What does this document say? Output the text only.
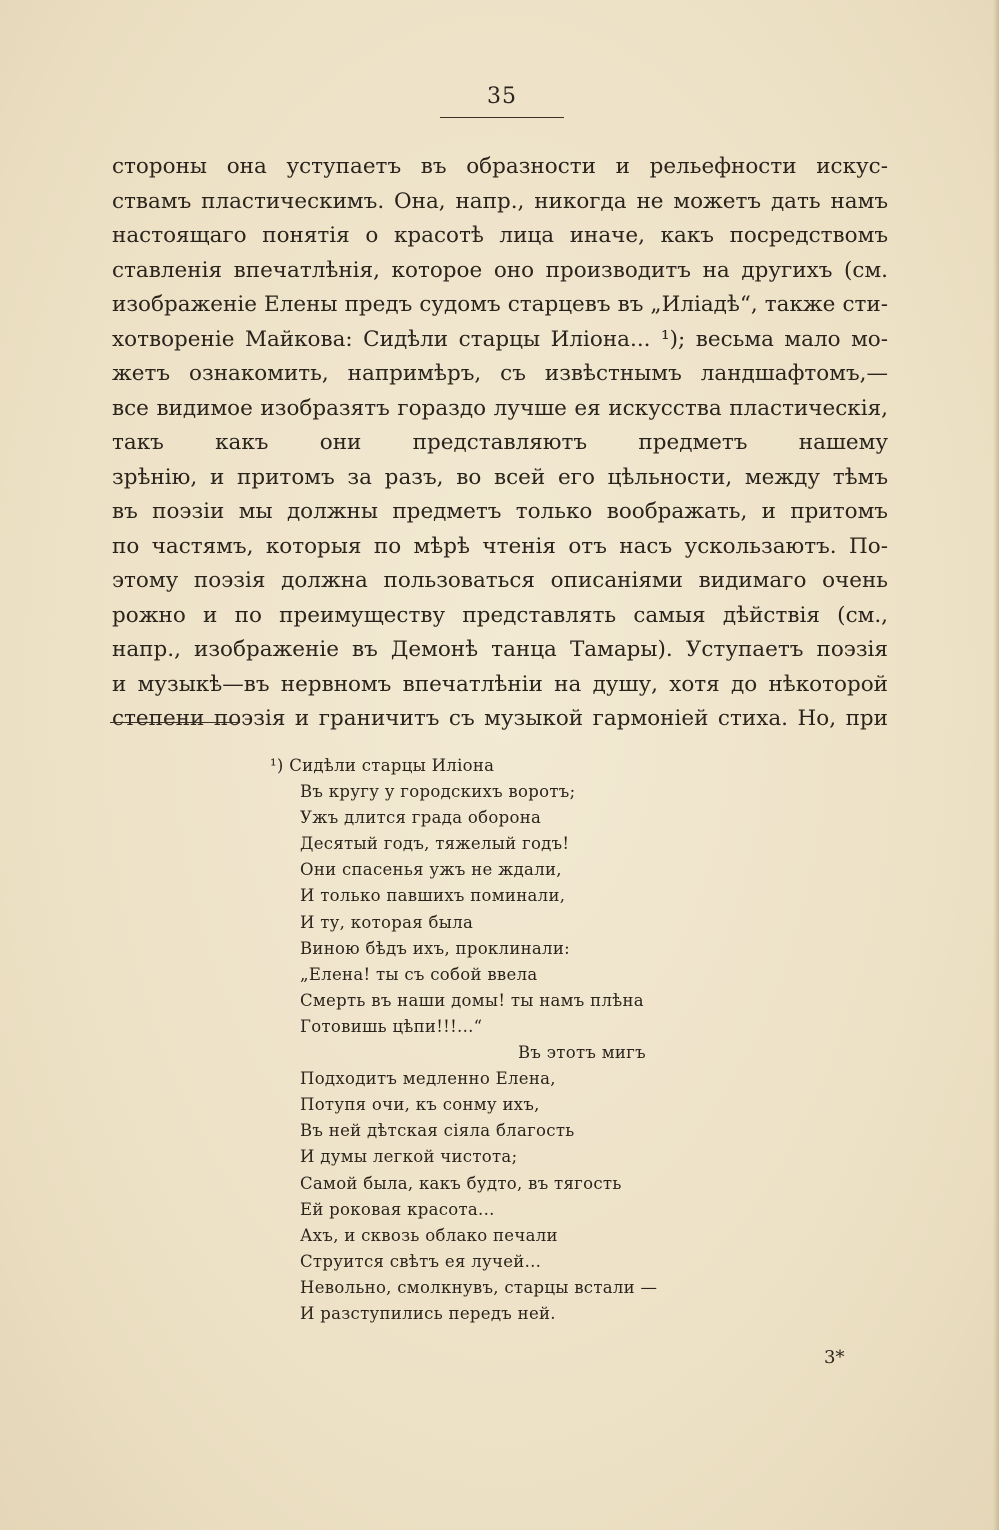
35
стороны она уступаетъ въ образности и рельефности искус-
ствамъ пластическимъ. Она, напр., никогда не можетъ дать намъ
настоящаго понятія о красотѣ лица иначе, какъ посредствомъ
ставленія впечатлѣнія, которое оно производитъ на другихъ (см.
изображеніе Елены предъ судомъ старцевъ въ „Иліадѣ“, также сти-
хотвореніе Майкова: Сидѣли старцы Иліона... ¹); весьма мало мо-
жетъ ознакомить, напримѣръ, съ извѣстнымъ ландшафтомъ,—
все видимое изобразятъ гораздо лучше ея искусства пластическія,
такъ какъ они представляютъ предметъ нашему
зрѣнію, и притомъ за разъ, во всей его цѣльности, между тѣмъ
въ поэзіи мы должны предметъ только воображать, и притомъ
по частямъ, которыя по мѣрѣ чтенія отъ насъ ускользаютъ. По-
этому поэзія должна пользоваться описаніями видимаго очень
рожно и по преимуществу представлять самыя дѣйствія (см.,
напр., изображеніе въ Демонѣ танца Тамары). Уступаетъ поэзія
и музыкѣ—въ нервномъ впечатлѣніи на душу, хотя до нѣкоторой
степени поэзія и граничитъ съ музыкой гармоніей стиха. Но, при
¹) Сидѣли старцы Иліона
Въ кругу у городскихъ воротъ;
Ужъ длится града оборона
Десятый годъ, тяжелый годъ!
Они спасенья ужъ не ждали,
И только павшихъ поминали,
И ту, которая была
Виною бѣдъ ихъ, проклинали:
„Елена! ты съ собой ввела
Смерть въ наши домы! ты намъ плѣна
Готовишь цѣпи!!!...“
Въ этотъ мигъ
Подходитъ медленно Елена,
Потупя очи, къ сонму ихъ,
Въ ней дѣтская сіяла благость
И думы легкой чистота;
Самой была, какъ будто, въ тягость
Ей роковая красота...
Ахъ, и сквозь облако печали
Струится свѣтъ ея лучей...
Невольно, смолкнувъ, старцы встали —
И разступились передъ ней.
3*
